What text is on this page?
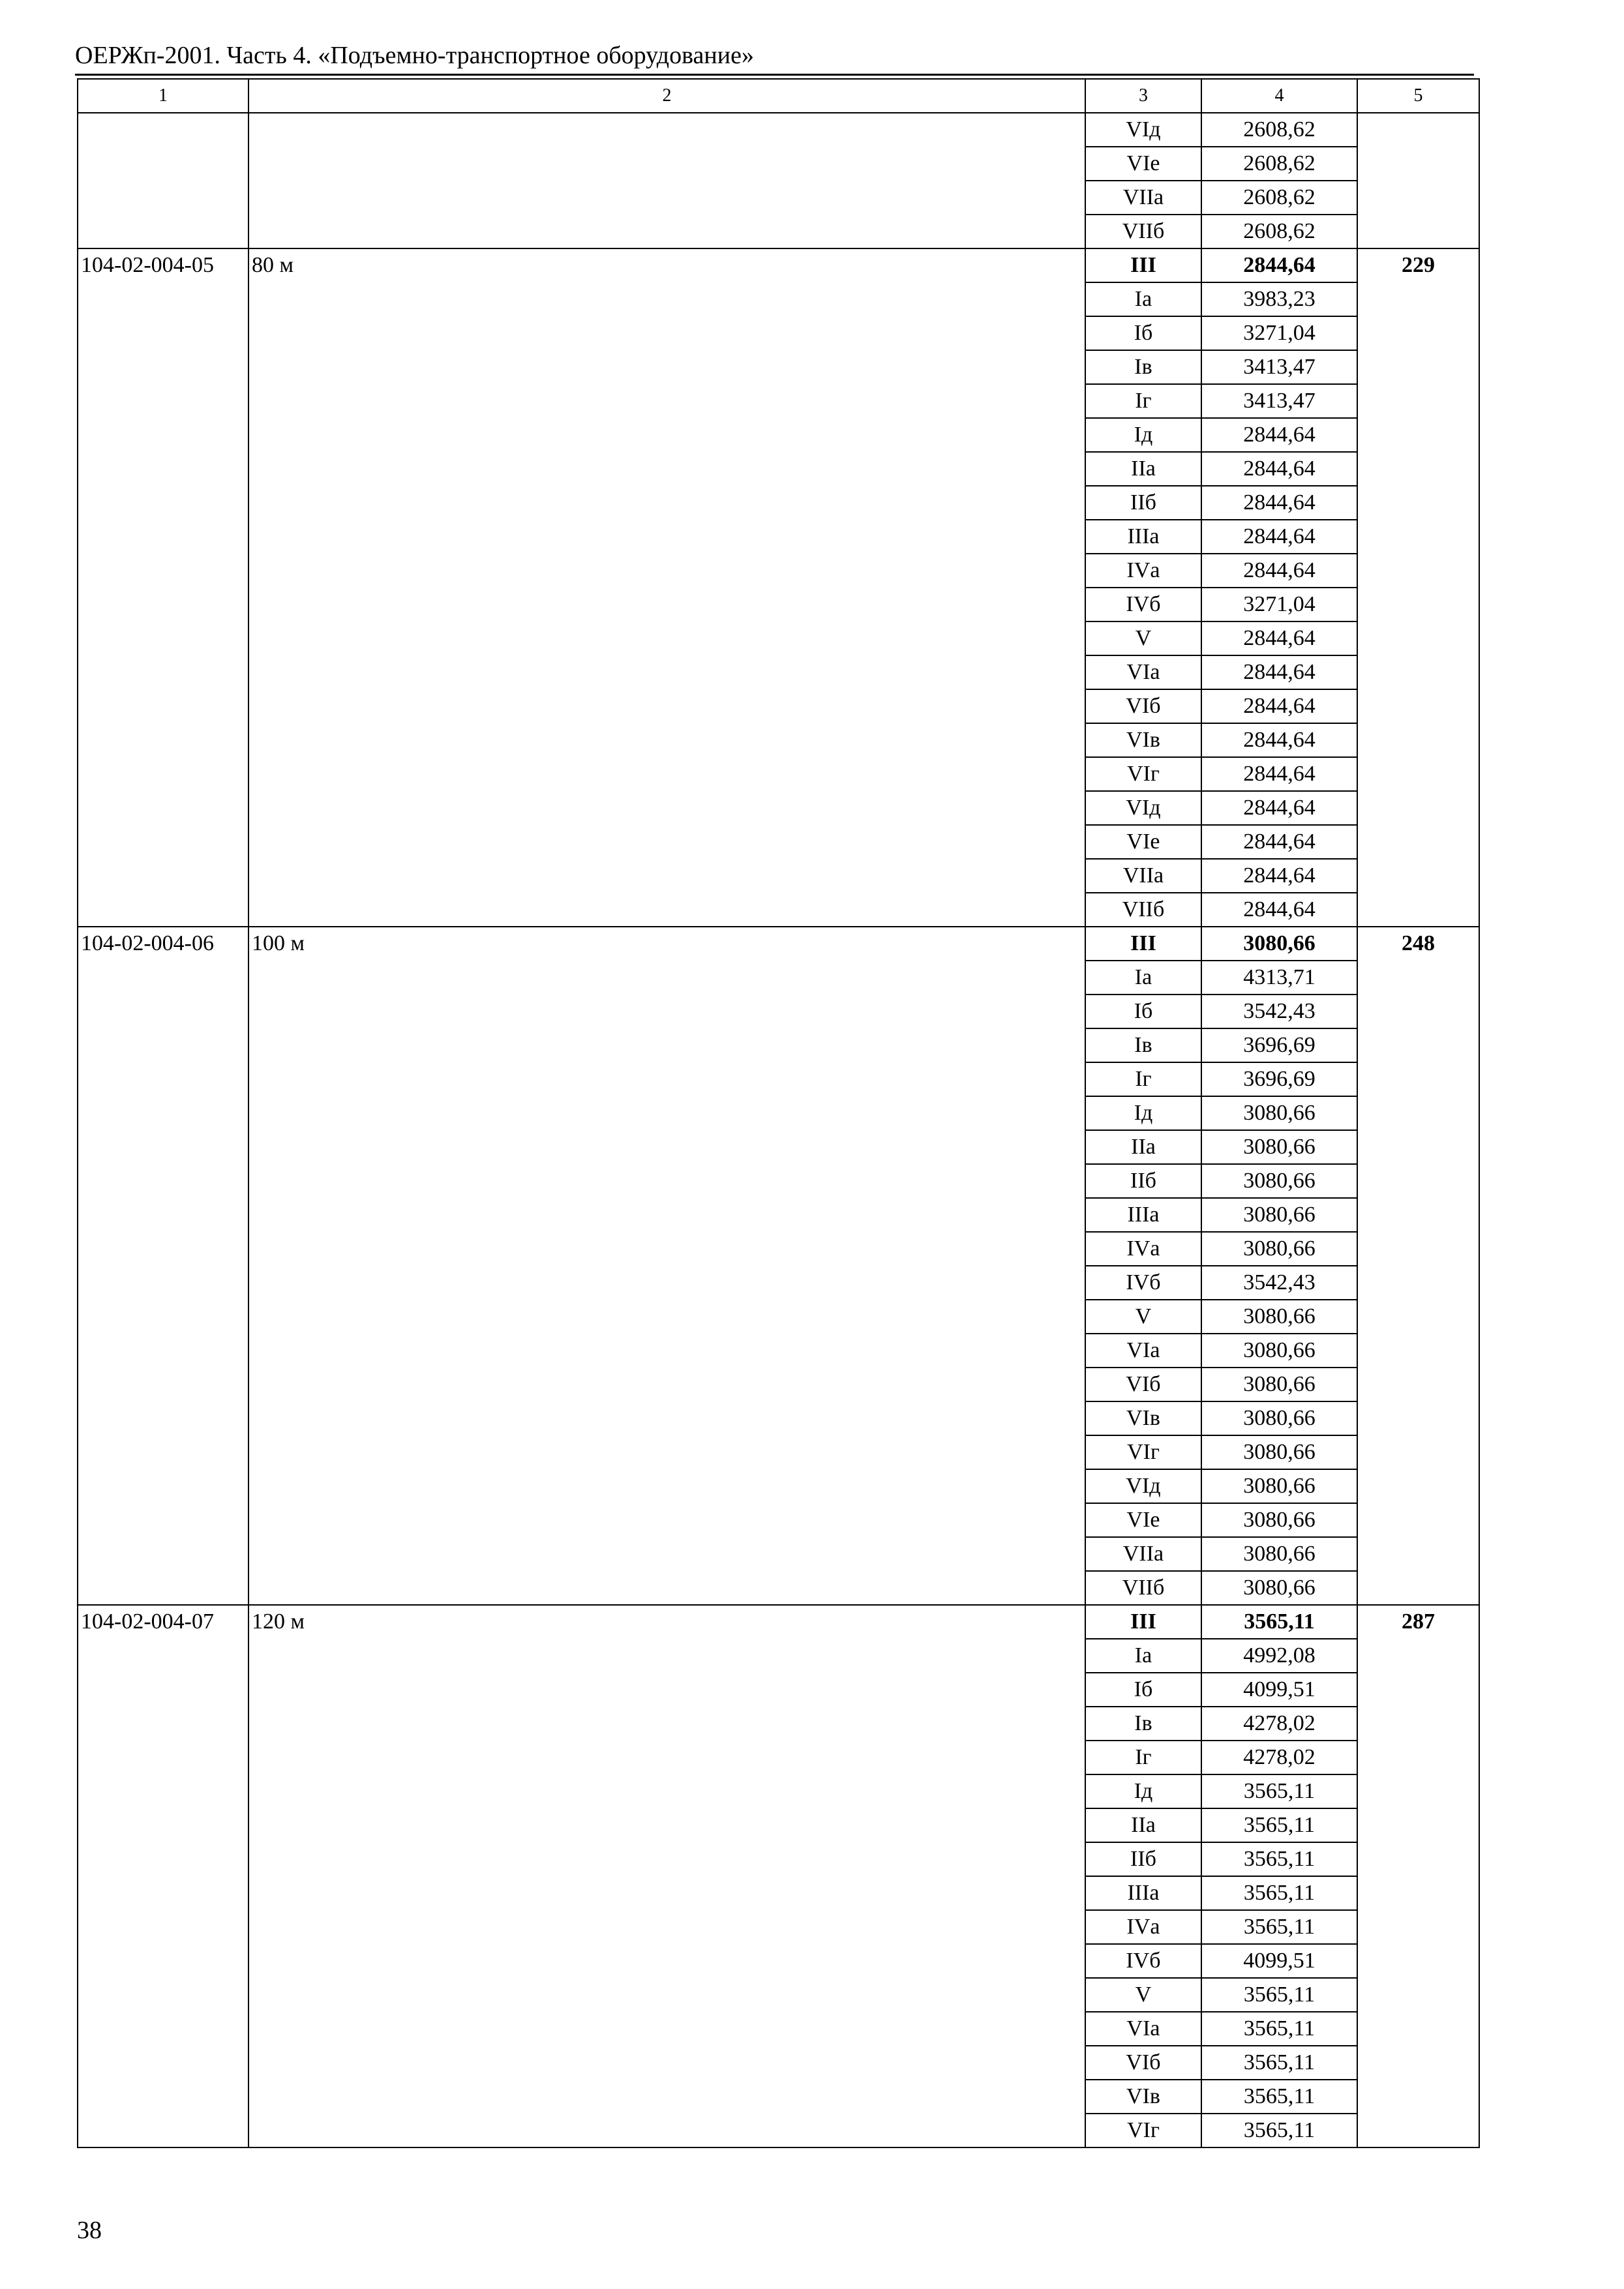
ОЕРЖп-2001. Часть 4. «Подъемно-транспортное оборудование»
1	2	3	4	5
		VIд	2608,62	
		VIе	2608,62	
		VIIа	2608,62	
		VIIб	2608,62	
104-02-004-05	80 м	III	2844,64	229
		Iа	3983,23	
		Iб	3271,04	
		Iв	3413,47	
		Iг	3413,47	
		Iд	2844,64	
		IIа	2844,64	
		IIб	2844,64	
		IIIа	2844,64	
		IVа	2844,64	
		IVб	3271,04	
		V	2844,64	
		VIа	2844,64	
		VIб	2844,64	
		VIв	2844,64	
		VIг	2844,64	
		VIд	2844,64	
		VIе	2844,64	
		VIIа	2844,64	
		VIIб	2844,64	
104-02-004-06	100 м	III	3080,66	248
		Iа	4313,71	
		Iб	3542,43	
		Iв	3696,69	
		Iг	3696,69	
		Iд	3080,66	
		IIа	3080,66	
		IIб	3080,66	
		IIIа	3080,66	
		IVа	3080,66	
		IVб	3542,43	
		V	3080,66	
		VIа	3080,66	
		VIб	3080,66	
		VIв	3080,66	
		VIг	3080,66	
		VIд	3080,66	
		VIе	3080,66	
		VIIа	3080,66	
		VIIб	3080,66	
104-02-004-07	120 м	III	3565,11	287
		Iа	4992,08	
		Iб	4099,51	
		Iв	4278,02	
		Iг	4278,02	
		Iд	3565,11	
		IIа	3565,11	
		IIб	3565,11	
		IIIа	3565,11	
		IVа	3565,11	
		IVб	4099,51	
		V	3565,11	
		VIа	3565,11	
		VIб	3565,11	
		VIв	3565,11	
		VIг	3565,11	
38
